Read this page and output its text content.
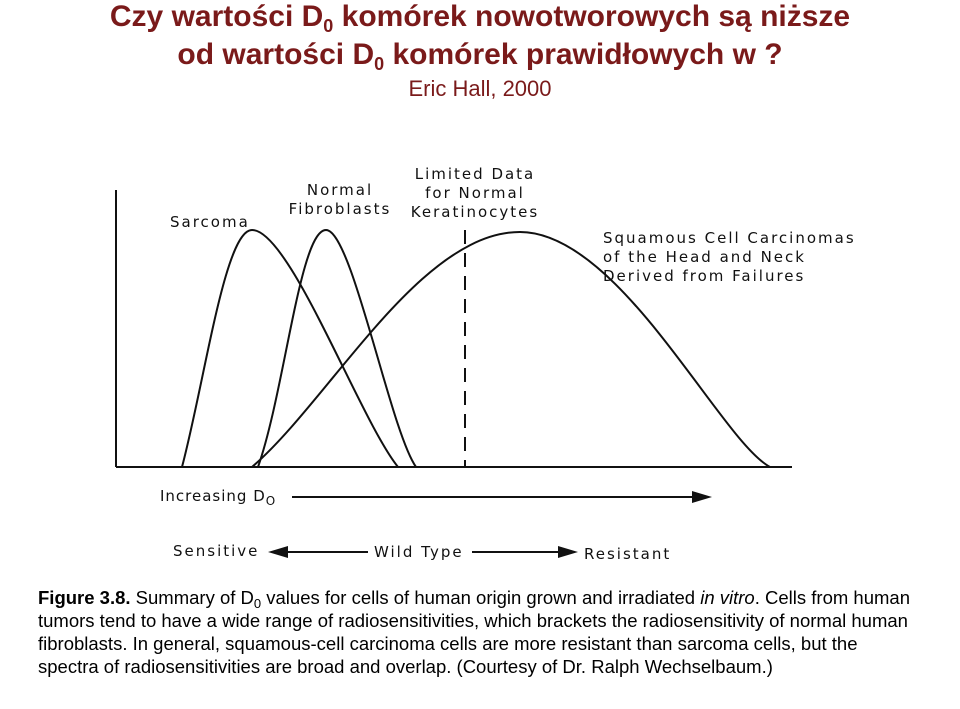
Czy wartości $D_0$ komórek nowotworowych są niższe
od wartości $D_0$ komórek prawidłowych w ?
Eric Hall, 2000
Sarcoma
Normal
Fibroblasts
Limited Data
for Normal
Keratinocytes
Squamous Cell Carcinomas
of the Head and Neck
Derived from Failures
Increasing $D_O$
Sensitive	Wild Type	Resistant
Figure 3.8. Summary of $D_0$ values for cells of human origin grown and irradiated in vitro. Cells from human tumors tend to have a wide range of radiosensitivities, which brackets the radiosensitivity of normal human fibroblasts. In general, squamous-cell carcinoma cells are more resistant than sarcoma cells, but the spectra of radiosensitivities are broad and overlap. (Courtesy of Dr. Ralph Wechselbaum.)
